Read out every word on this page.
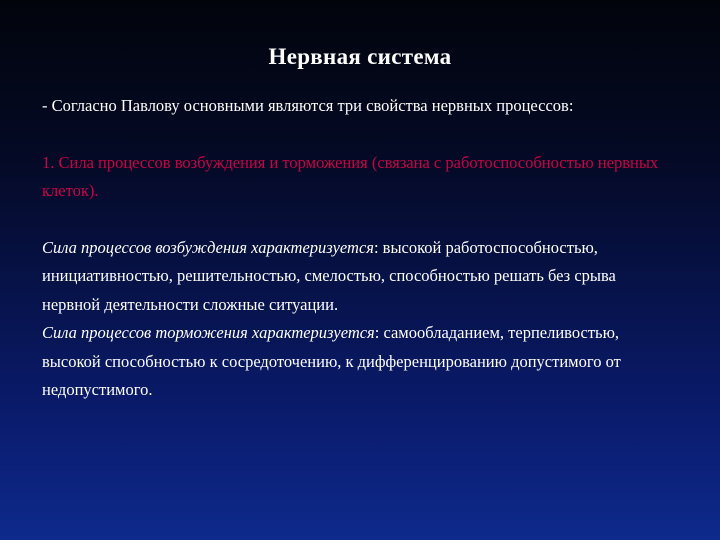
Нервная система

- Согласно Павлову основными являются три свойства нервных процессов:

1. Сила процессов возбуждения и торможения (связана с работоспособностью нервных клеток).

Сила процессов возбуждения характеризуется: высокой работоспособностью, инициативностью, решительностью, смелостью, способностью решать без срыва нервной деятельности сложные ситуации.

Сила процессов торможения характеризуется: самообладанием, терпеливостью, высокой способностью к сосредоточению, к дифференцированию допустимого от недопустимого.
